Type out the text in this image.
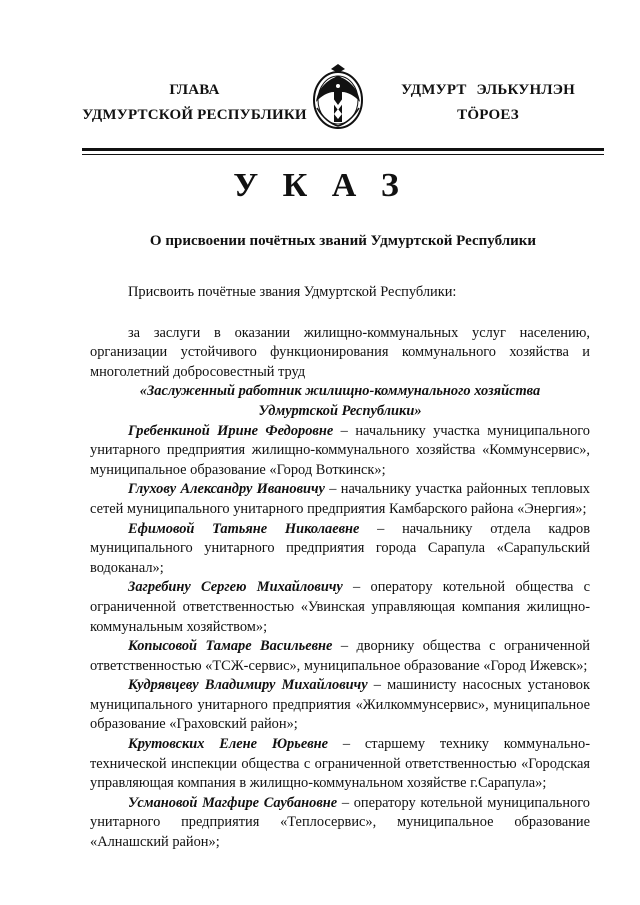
ГЛАВА
УДМУРТСКОЙ РЕСПУБЛИКИ
УДМУРТ ЭЛЬКУНЛЭН
ТӦРОЕЗ
У К А З
О присвоении почётных званий Удмуртской Республики

Присвоить почётные звания Удмуртской Республики:

за заслуги в оказании жилищно-коммунальных услуг населению, организации устойчивого функционирования коммунального хозяйства и многолетний добросовестный труд

«Заслуженный работник жилищно-коммунального хозяйства Удмуртской Республики»

Гребенкиной Ирине Федоровне – начальнику участка муниципального унитарного предприятия жилищно-коммунального хозяйства «Коммунсервис», муниципальное образование «Город Воткинск»;

Глухову Александру Ивановичу – начальнику участка районных тепловых сетей муниципального унитарного предприятия Камбарского района «Энергия»;

Ефимовой Татьяне Николаевне – начальнику отдела кадров муниципального унитарного предприятия города Сарапула «Сарапульский водоканал»;

Загребину Сергею Михайловичу – оператору котельной общества с ограниченной ответственностью «Увинская управляющая компания жилищно-коммунальным хозяйством»;

Копысовой Тамаре Васильевне – дворнику общества с ограниченной ответственностью «ТСЖ-сервис», муниципальное образование «Город Ижевск»;

Кудрявцеву Владимиру Михайловичу – машинисту насосных установок муниципального унитарного предприятия «Жилкоммунсервис», муниципальное образование «Граховский район»;

Крутовских Елене Юрьевне – старшему технику коммунально-технической инспекции общества с ограниченной ответственностью «Городская управляющая компания в жилищно-коммунальном хозяйстве г.Сарапула»;

Усмановой Магфире Саубановне – оператору котельной муниципального унитарного предприятия «Теплосервис», муниципальное образование «Алнашский район»;
